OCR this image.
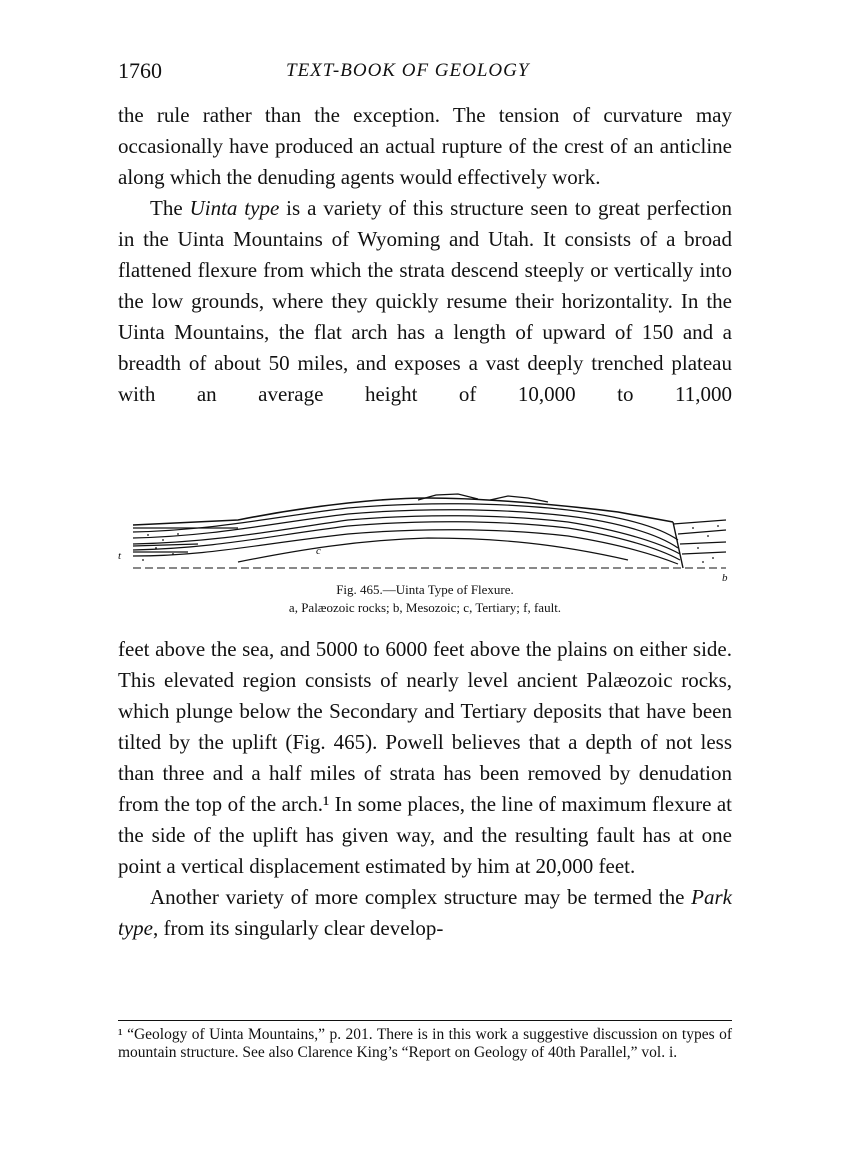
1760	TEXT-BOOK OF GEOLOGY

the rule rather than the exception. The tension of curvature may occasionally have produced an actual rupture of the crest of an anticline along which the denuding agents would effectively work.

The Uinta type is a variety of this structure seen to great perfection in the Uinta Mountains of Wyoming and Utah. It consists of a broad flattened flexure from which the strata descend steeply or vertically into the low grounds, where they quickly resume their horizontality. In the Uinta Mountains, the flat arch has a length of upward of 150 and a breadth of about 50 miles, and exposes a vast deeply trenched plateau with an average height of 10,000 to 11,000

t	c
b
Fig. 465.—Uinta Type of Flexure.
a, Palæozoic rocks; b, Mesozoic; c, Tertiary; f, fault.

feet above the sea, and 5000 to 6000 feet above the plains on either side. This elevated region consists of nearly level ancient Palæozoic rocks, which plunge below the Secondary and Tertiary deposits that have been tilted by the uplift (Fig. 465). Powell believes that a depth of not less than three and a half miles of strata has been removed by denudation from the top of the arch.¹ In some places, the line of maximum flexure at the side of the uplift has given way, and the resulting fault has at one point a vertical displacement estimated by him at 20,000 feet.

Another variety of more complex structure may be termed the Park type, from its singularly clear develop-

¹ “Geology of Uinta Mountains,” p. 201. There is in this work a suggestive discussion on types of mountain structure. See also Clarence King’s “Report on Geology of 40th Parallel,” vol. i.
